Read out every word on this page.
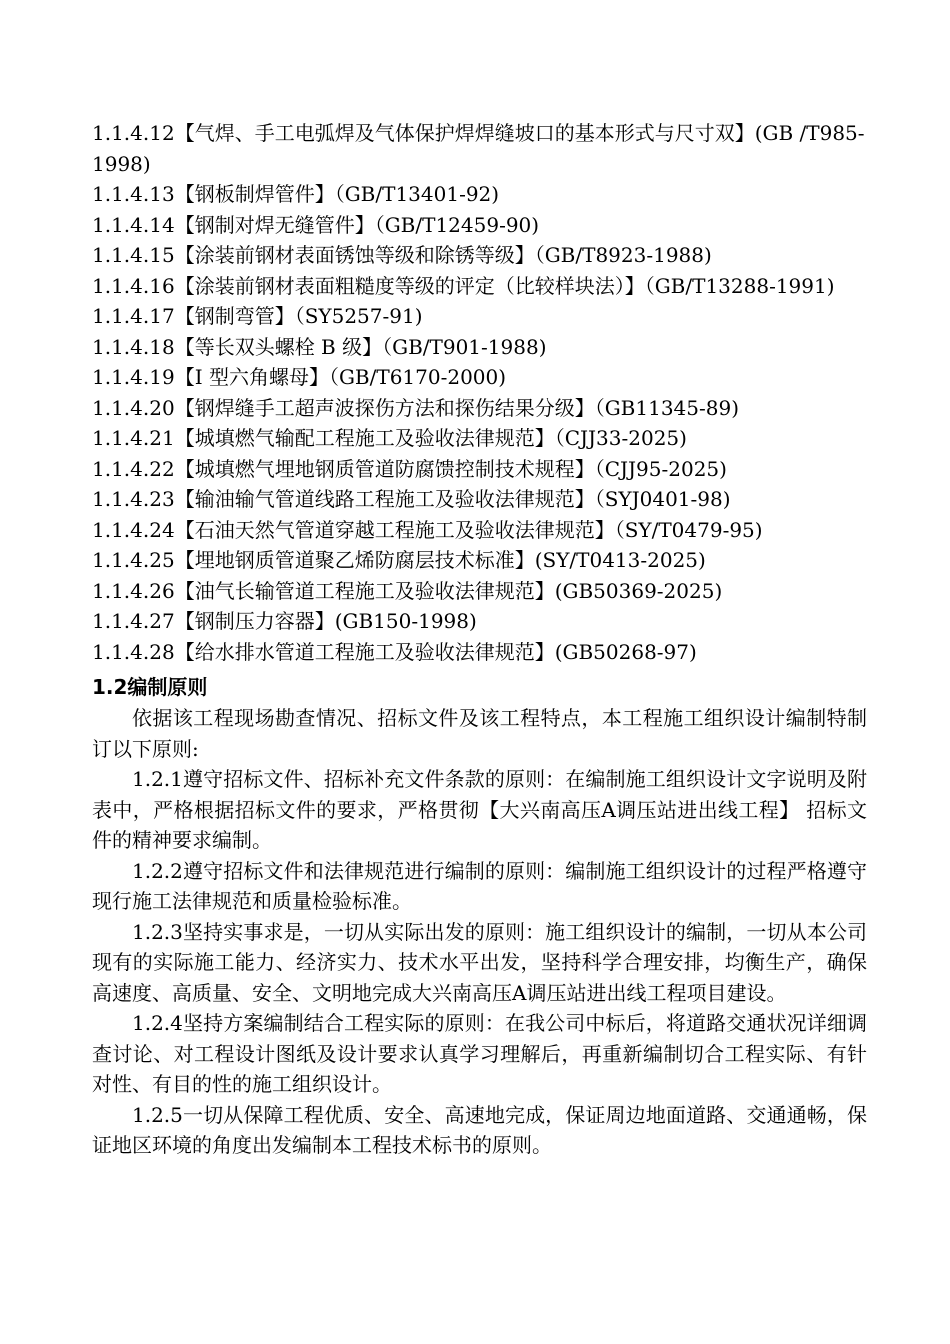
1.1.4.12【气焊、手工电弧焊及气体保护焊焊缝坡口的基本形式与尺寸双】(GB /T985-1998)

1.1.4.13【钢板制焊管件】（GB/T13401-92)

1.1.4.14【钢制对焊无缝管件】（GB/T12459-90)

1.1.4.15【涂装前钢材表面锈蚀等级和除锈等级】（GB/T8923-1988)

1.1.4.16【涂装前钢材表面粗糙度等级的评定（比较样块法）】（GB/T13288-1991)

1.1.4.17【钢制弯管】（SY5257-91)

1.1.4.18【等长双头螺栓 B 级】（GB/T901-1988)

1.1.4.19【I 型六角螺母】（GB/T6170-2000)

1.1.4.20【钢焊缝手工超声波探伤方法和探伤结果分级】（GB11345-89)

1.1.4.21【城填燃气输配工程施工及验收法律规范】（CJJ33-2025)

1.1.4.22【城填燃气埋地钢质管道防腐馈控制技术规程】（CJJ95-2025)

1.1.4.23【输油输气管道线路工程施工及验收法律规范】（SYJ0401-98)

1.1.4.24【石油天然气管道穿越工程施工及验收法律规范】（SY/T0479-95)

1.1.4.25【埋地钢质管道聚乙烯防腐层技术标准】(SY/T0413-2025)

1.1.4.26【油气长输管道工程施工及验收法律规范】(GB50369-2025)

1.1.4.27【钢制压力容器】(GB150-1998)

1.1.4.28【给水排水管道工程施工及验收法律规范】(GB50268-97)

1.2编制原则

依据该工程现场勘查情况、招标文件及该工程特点，本工程施工组织设计编制特制订以下原则:

1.2.1遵守招标文件、招标补充文件条款的原则：在编制施工组织设计文字说明及附表中，严格根据招标文件的要求，严格贯彻【大兴南高压A调压站进出线工程】 招标文件的精神要求编制。

1.2.2遵守招标文件和法律规范进行编制的原则：编制施工组织设计的过程严格遵守现行施工法律规范和质量检验标准。

1.2.3坚持实事求是，一切从实际出发的原则：施工组织设计的编制，一切从本公司现有的实际施工能力、经济实力、技术水平出发，坚持科学合理安排，均衡生产，确保高速度、高质量、安全、文明地完成大兴南高压A调压站进出线工程项目建设。

1.2.4坚持方案编制结合工程实际的原则：在我公司中标后，将道路交通状况详细调查讨论、对工程设计图纸及设计要求认真学习理解后，再重新编制切合工程实际、有针对性、有目的性的施工组织设计。

1.2.5一切从保障工程优质、安全、高速地完成，保证周边地面道路、交通通畅，保证地区环境的角度出发编制本工程技术标书的原则。
